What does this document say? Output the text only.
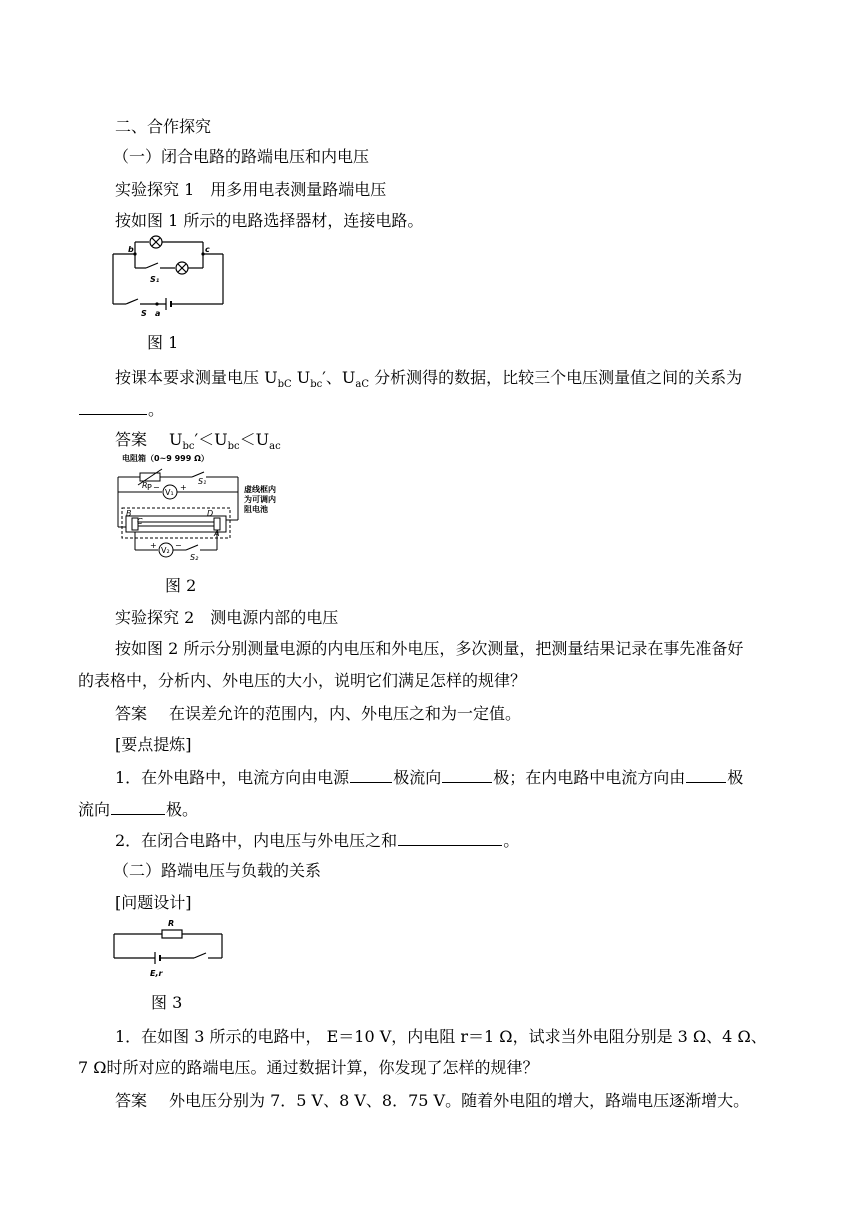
二、合作探究
（一）闭合电路的路端电压和内电压
实验探究 1　用多用电表测量路端电压
按如图 1 所示的电路选择器材，连接电路。
b	c
S₁
S a
图 1
按课本要求测量电压 $U_{bC}$ $U_{bc}'$、$U_{aC}$ 分析测得的数据，比较三个电压测量值之间的关系为
。
答案 $U_{bc}'<U_{bc}<U_{ac}$
电阻箱（0~9 999 Ω）
R P
V₁
−	+
S₁
B
C
D
A
V₂
+ −
S₂
虚线框内
为可调内
阻电池
图 2
实验探究 2　测电源内部的电压
按如图 2 所示分别测量电源的内电压和外电压，多次测量，把测量结果记录在事先准备好
的表格中，分析内、外电压的大小，说明它们满足怎样的规律？
答案 在误差允许的范围内，内、外电压之和为一定值。
[要点提炼]
1．在外电路中，电流方向由电源	极流向	极；在内电路中电流方向由	极
流向	极。
2．在闭合电路中，内电压与外电压之和	。
（二）路端电压与负载的关系
[问题设计]
R
E,r
图 3
1．在如图 3 所示的电路中， E＝10 V，内电阻 r＝1 Ω，试求当外电阻分别是 3 Ω、4 Ω、
7 Ω时所对应的路端电压。通过数据计算，你发现了怎样的规律？
答案 外电压分别为 7．5 V、8 V、8．75 V。随着外电阻的增大，路端电压逐渐增大。
